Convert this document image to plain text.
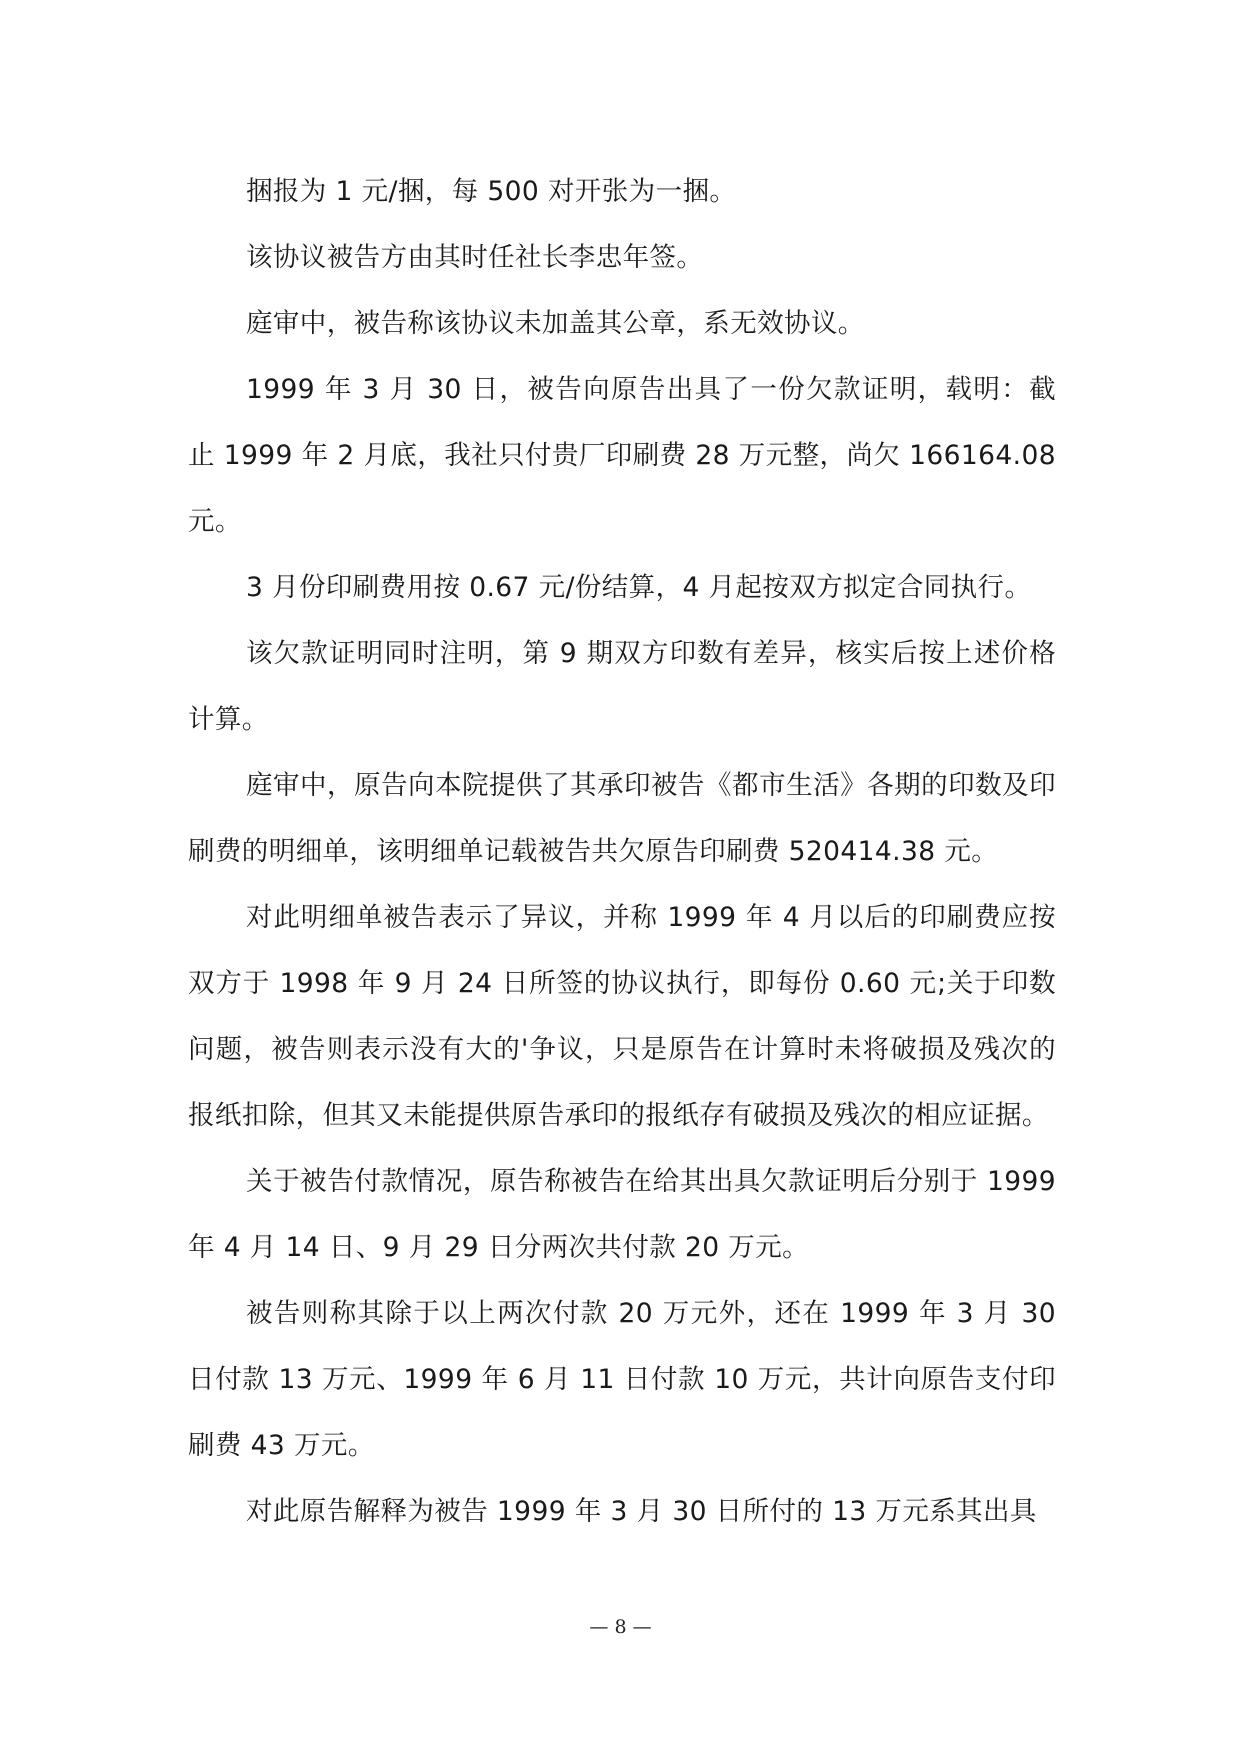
捆报为 1 元/捆，每 500 对开张为一捆。

该协议被告方由其时任社长李忠年签。

庭审中，被告称该协议未加盖其公章，系无效协议。

1999 年 3 月 30 日，被告向原告出具了一份欠款证明，载明：截止 1999 年 2 月底，我社只付贵厂印刷费 28 万元整，尚欠 166164.08 元。

3 月份印刷费用按 0.67 元/份结算，4 月起按双方拟定合同执行。

该欠款证明同时注明，第 9 期双方印数有差异，核实后按上述价格计算。

庭审中，原告向本院提供了其承印被告《都市生活》各期的印数及印刷费的明细单，该明细单记载被告共欠原告印刷费 520414.38 元。

对此明细单被告表示了异议，并称 1999 年 4 月以后的印刷费应按双方于 1998 年 9 月 24 日所签的协议执行，即每份 0.60 元;关于印数问题，被告则表示没有大的'争议，只是原告在计算时未将破损及残次的报纸扣除，但其又未能提供原告承印的报纸存有破损及残次的相应证据。

关于被告付款情况，原告称被告在给其出具欠款证明后分别于 1999 年 4 月 14 日、9 月 29 日分两次共付款 20 万元。

被告则称其除于以上两次付款 20 万元外，还在 1999 年 3 月 30 日付款 13 万元、1999 年 6 月 11 日付款 10 万元，共计向原告支付印刷费 43 万元。

对此原告解释为被告 1999 年 3 月 30 日所付的 13 万元系其出具

— 8 —
